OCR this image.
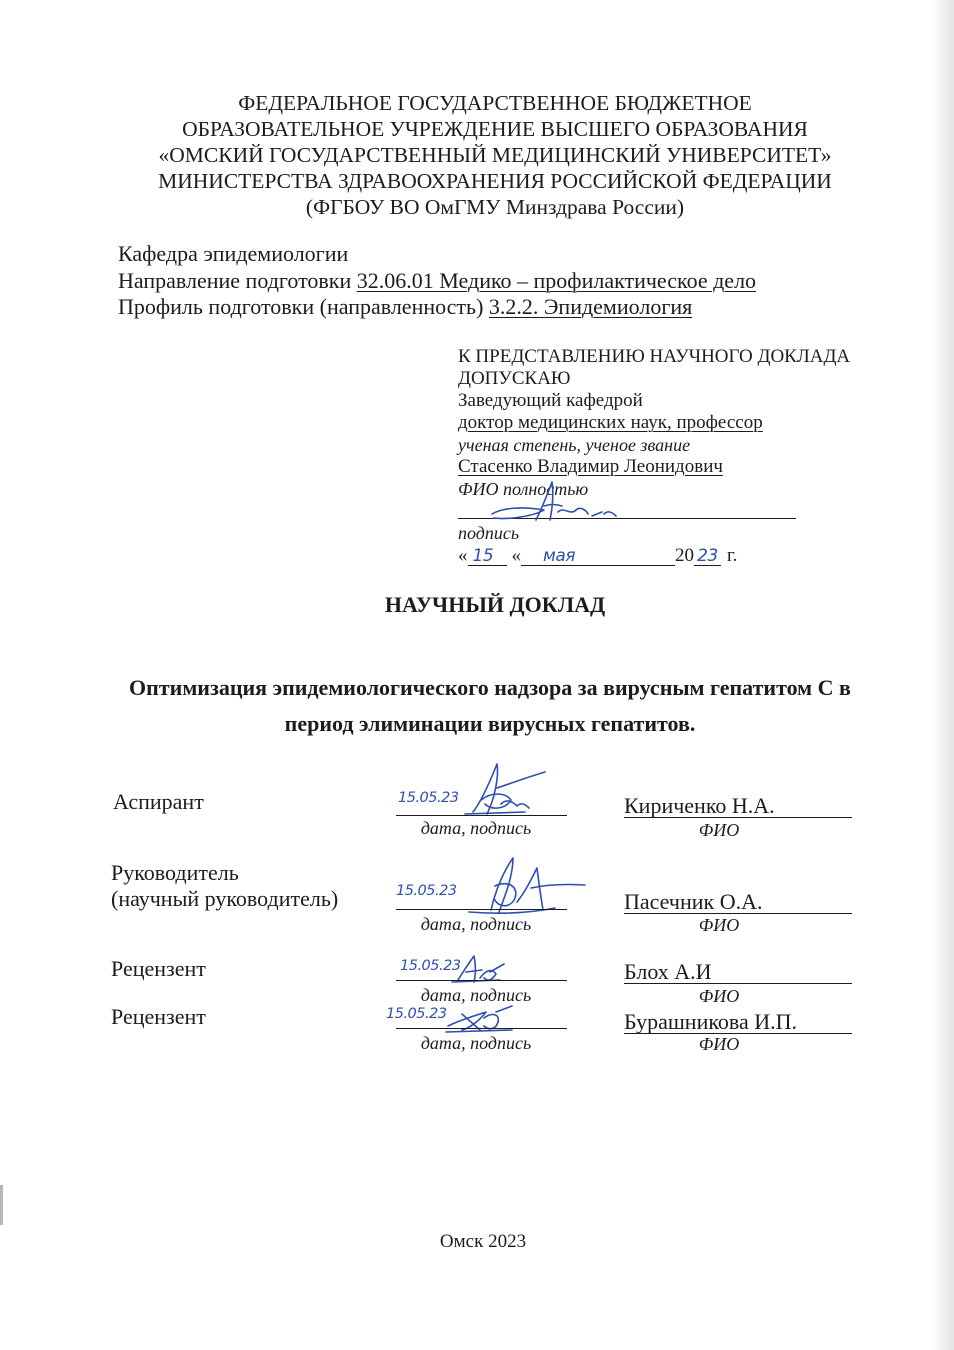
ФЕДЕРАЛЬНОЕ ГОСУДАРСТВЕННОЕ БЮДЖЕТНОЕ
ОБРАЗОВАТЕЛЬНОЕ УЧРЕЖДЕНИЕ ВЫСШЕГО ОБРАЗОВАНИЯ
«ОМСКИЙ ГОСУДАРСТВЕННЫЙ МЕДИЦИНСКИЙ УНИВЕРСИТЕТ»
МИНИСТЕРСТВА ЗДРАВООХРАНЕНИЯ РОССИЙСКОЙ ФЕДЕРАЦИИ
(ФГБОУ ВО ОмГМУ Минздрава России)
Кафедра эпидемиологии
Направление подготовки 32.06.01 Медико – профилактическое дело
Профиль подготовки (направленность) 3.2.2. Эпидемиология
К ПРЕДСТАВЛЕНИЮ НАУЧНОГО ДОКЛАДА
ДОПУСКАЮ
Заведующий кафедрой
доктор медицинских наук, профессор
ученая степень, ученое звание
Стасенко Владимир Леонидович
ФИО полностью
подпись
« 15 « мая	20 23 г.
НАУЧНЫЙ ДОКЛАД
Оптимизация эпидемиологического надзора за вирусным гепатитом С в
период элиминации вирусных гепатитов.
Аспирант	15.05.23
дата, подпись
Кириченко Н.А.
ФИО
Руководитель
(научный руководитель)	15.05.23
дата, подпись
Пасечник О.А.
ФИО
Рецензент	15.05.23
дата, подпись
Блох А.И
ФИО
Рецензент	15.05.23
дата, подпись
Бурашникова И.П.
ФИО
Омск 2023
